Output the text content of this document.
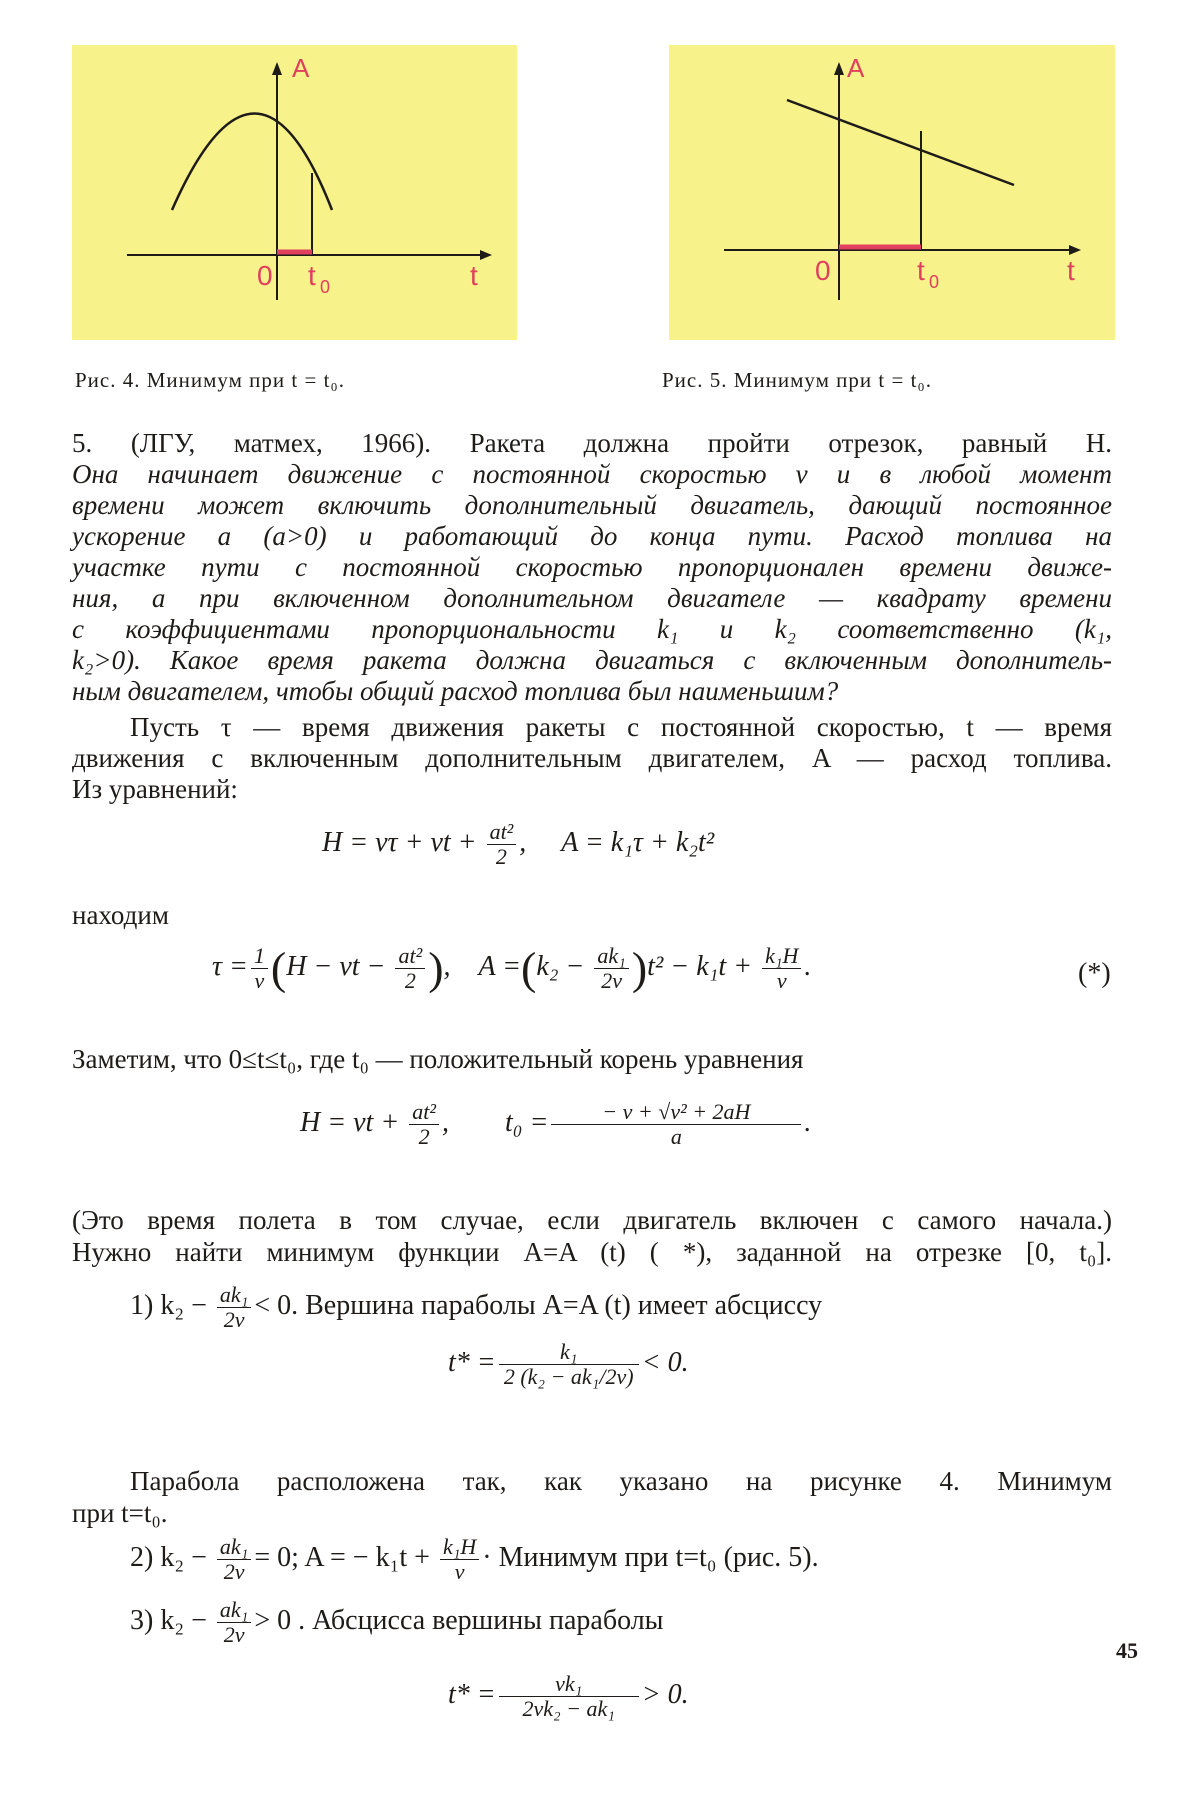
A
0 t 0	t
Рис. 4. Минимум при t = t₀.
A
0	t 0	t
Рис. 5. Минимум при t = t₀.
5. (ЛГУ, матмех, 1966). Ракета должна пройти отрезок, равный H.
Она начинает движение с постоянной скоростью v и в любой момент
времени может включить дополнительный двигатель, дающий постоянное
ускорение a (a>0) и работающий до конца пути. Расход топлива на
участке пути с постоянной скоростью пропорционален времени движе-
ния, а при включенном дополнительном двигателе — квадрату времени
с коэффициентами пропорциональности k₁ и k₂ соответственно (k₁,
k₂>0). Какое время ракета должна двигаться с включенным дополнитель-
ным двигателем, чтобы общий расход топлива был наименьшим?
Пусть τ — время движения ракеты с постоянной скоростью, t — время
движения с включенным дополнительным двигателем, A — расход топлива.
Из уравнений:
H = vτ + vt + $\frac{\text{at²}}{2}$ ,     A = k₁τ + k₂t²
находим
$\tau = \frac{1}{v} (H$ − vt − $\frac{\text{at²}}{2}$ ),    $A =(k_2 - \frac{\text{ak₁}}{2v} )t^2 - k_1t + \frac{\text{k₁H}}{v}$ .	(*)
Заметим, что 0≤t≤t₀, где t₀ — положительный корень уравнения
H = vt + $\frac{\text{at²}}{2}$ , $t_0 = \frac{\text{− v + √v² + 2aH}}{a}$ .
(Это время полета в том случае, если двигатель включен с самого начала.)
Нужно найти минимум функции A=A (t) ( *), заданной на отрезке [0, t₀].
1) $k_2 - \frac{\text{ak₁}}{2v} < 0$. Вершина параболы A=A (t) имеет абсциссу
$t* = \frac{\text{k₁}}{\text{2 (k₂ − ak₁/2v)}} < 0$.
Парабола расположена так, как указано на рисунке 4. Минимум
при t=t₀.
2) $k_2 - \frac{\text{ak₁}}{2v} = 0$; A = − $k_1t + \frac{\text{k₁H}}{v}$ · Минимум при t=t₀ (рис. 5).
3) $k_2 - \frac{\text{ak₁}}{2v} > 0$ . Абсцисса вершины параболы
$t* = \frac{\text{vk₁}}{\text{2vk₂ − ak₁}} > 0$.
45
